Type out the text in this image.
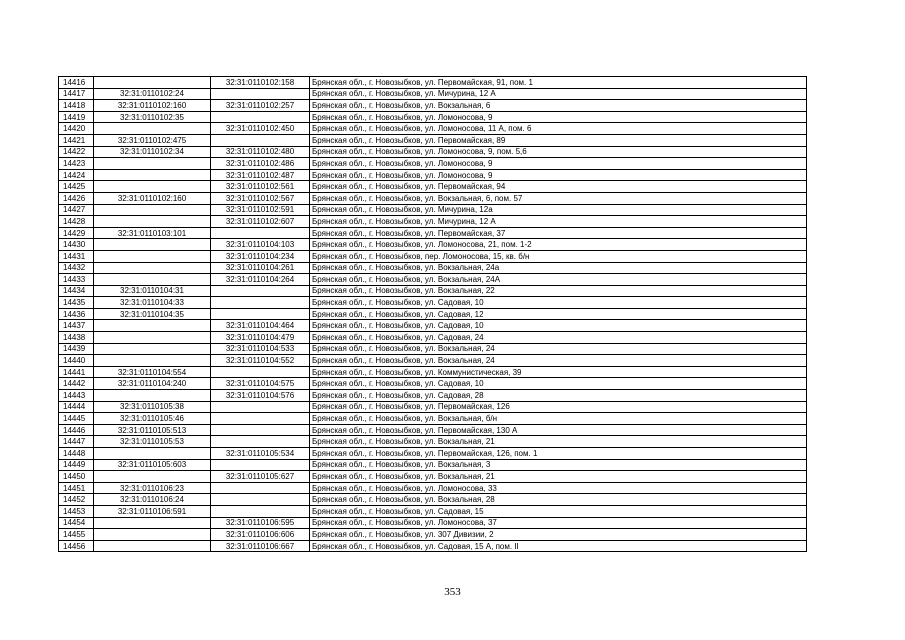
14416		32:31:0110102:158	Брянская обл., г. Новозыбков, ул. Первомайская, 91, пом. 1
14417	32:31:0110102:24		Брянская обл., г. Новозыбков, ул. Мичурина, 12 А
14418	32:31:0110102:160	32:31:0110102:257	Брянская обл., г. Новозыбков, ул. Вокзальная, 6
14419	32:31:0110102:35		Брянская обл., г. Новозыбков, ул. Ломоносова, 9
14420		32:31:0110102:450	Брянская обл., г. Новозыбков, ул. Ломоносова, 11 А, пом. 6
14421	32:31:0110102:475		Брянская обл., г. Новозыбков, ул. Первомайская, 89
14422	32:31:0110102:34	32:31:0110102:480	Брянская обл., г. Новозыбков, ул. Ломоносова, 9, пом. 5,6
14423		32:31:0110102:486	Брянская обл., г. Новозыбков, ул. Ломоносова, 9
14424		32:31:0110102:487	Брянская обл., г. Новозыбков, ул. Ломоносова, 9
14425		32:31:0110102:561	Брянская обл., г. Новозыбков, ул. Первомайская, 94
14426	32:31:0110102:160	32:31:0110102:567	Брянская обл., г. Новозыбков, ул. Вокзальная, 6, пом. 57
14427		32:31:0110102:591	Брянская обл., г. Новозыбков, ул. Мичурина, 12а
14428		32:31:0110102:607	Брянская обл., г. Новозыбков, ул. Мичурина, 12 А
14429	32:31:0110103:101		Брянская обл., г. Новозыбков, ул. Первомайская, 37
14430		32:31:0110104:103	Брянская обл., г. Новозыбков, ул. Ломоносова, 21, пом. 1-2
14431		32:31:0110104:234	Брянская обл., г. Новозыбков, пер. Ломоносова, 15, кв. б/н
14432		32:31:0110104:261	Брянская обл., г. Новозыбков, ул. Вокзальная, 24а
14433		32:31:0110104:264	Брянская обл., г. Новозыбков, ул. Вокзальная, 24А
14434	32:31:0110104:31		Брянская обл., г. Новозыбков, ул. Вокзальная, 22
14435	32:31:0110104:33		Брянская обл., г. Новозыбков, ул. Садовая, 10
14436	32:31:0110104:35		Брянская обл., г. Новозыбков, ул. Садовая, 12
14437		32:31:0110104:464	Брянская обл., г. Новозыбков, ул. Садовая, 10
14438		32:31:0110104:479	Брянская обл., г. Новозыбков, ул. Садовая, 24
14439		32:31:0110104:533	Брянская обл., г. Новозыбков, ул. Вокзальная, 24
14440		32:31:0110104:552	Брянская обл., г. Новозыбков, ул. Вокзальная, 24
14441	32:31:0110104:554		Брянская обл., г. Новозыбков, ул. Коммунистическая, 39
14442	32:31:0110104:240	32:31:0110104:575	Брянская обл., г. Новозыбков, ул. Садовая, 10
14443		32:31:0110104:576	Брянская обл., г. Новозыбков, ул. Садовая, 28
14444	32:31:0110105:38		Брянская обл., г. Новозыбков, ул. Первомайская, 126
14445	32:31:0110105:46		Брянская обл., г. Новозыбков, ул. Вокзальная, б/н
14446	32:31:0110105:513		Брянская обл., г. Новозыбков, ул. Первомайская, 130 А
14447	32:31:0110105:53		Брянская обл., г. Новозыбков, ул. Вокзальная, 21
14448		32:31:0110105:534	Брянская обл., г. Новозыбков, ул. Первомайская, 126, пом. 1
14449	32:31:0110105:603		Брянская обл., г. Новозыбков, ул. Вокзальная, 3
14450		32:31:0110105:627	Брянская обл., г. Новозыбков, ул. Вокзальная, 21
14451	32:31:0110106:23		Брянская обл., г. Новозыбков, ул. Ломоносова, 33
14452	32:31:0110106:24		Брянская обл., г. Новозыбков, ул. Вокзальная, 28
14453	32:31:0110106:591		Брянская обл., г. Новозыбков, ул. Садовая, 15
14454		32:31:0110106:595	Брянская обл., г. Новозыбков, ул. Ломоносова, 37
14455		32:31:0110106:606	Брянская обл., г. Новозыбков, ул. 307 Дивизии, 2
14456		32:31:0110106:667	Брянская обл., г. Новозыбков, ул. Садовая, 15 А, пом. II
353
